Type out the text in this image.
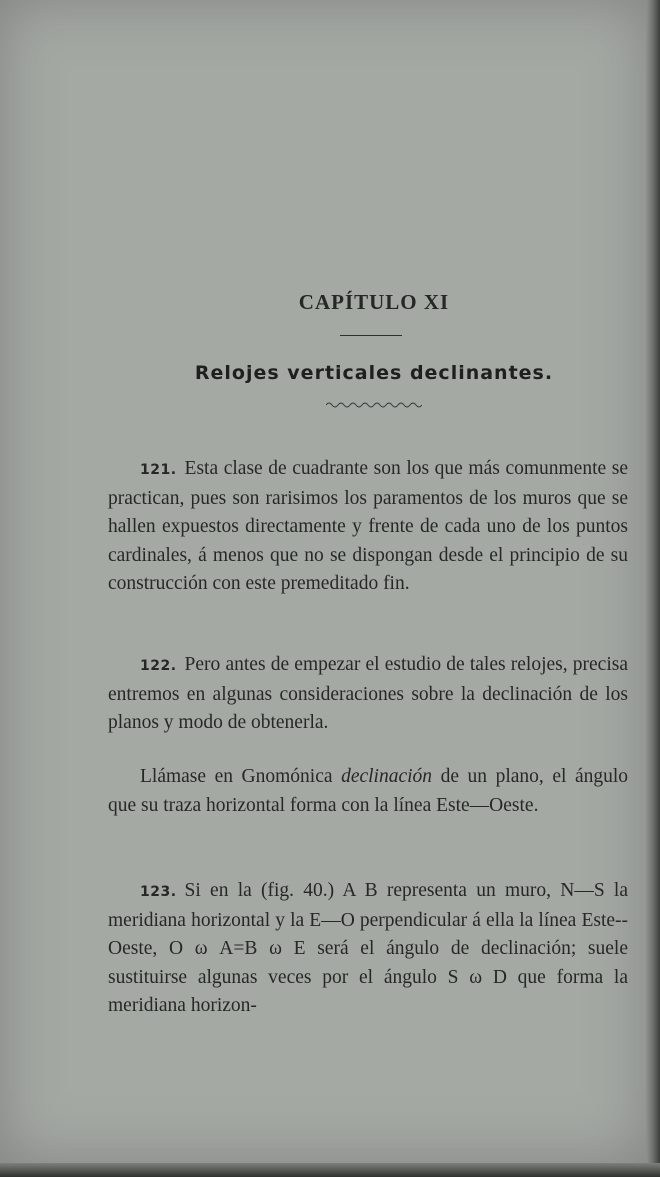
CAPÍTULO XI
Relojes verticales declinantes.

121. Esta clase de cuadrante son los que más comunmente se practican, pues son rarisimos los paramentos de los muros que se hallen expuestos directamente y frente de cada uno de los puntos cardinales, á menos que no se dispongan desde el principio de su construcción con este premeditado fin.

122. Pero antes de empezar el estudio de tales relojes, precisa entremos en algunas consideraciones sobre la declinación de los planos y modo de obtenerla.

Llámase en Gnomónica declinación de un plano, el ángulo que su traza horizontal forma con la línea Este—Oeste.

123. Si en la (fig. 40.) A B representa un muro, N—S la meridiana horizontal y la E—O perpendicular á ella la línea Este--Oeste, O ω A=B ω E será el ángulo de declinación; suele sustituirse algunas veces por el ángulo S ω D que forma la meridiana horizon-
